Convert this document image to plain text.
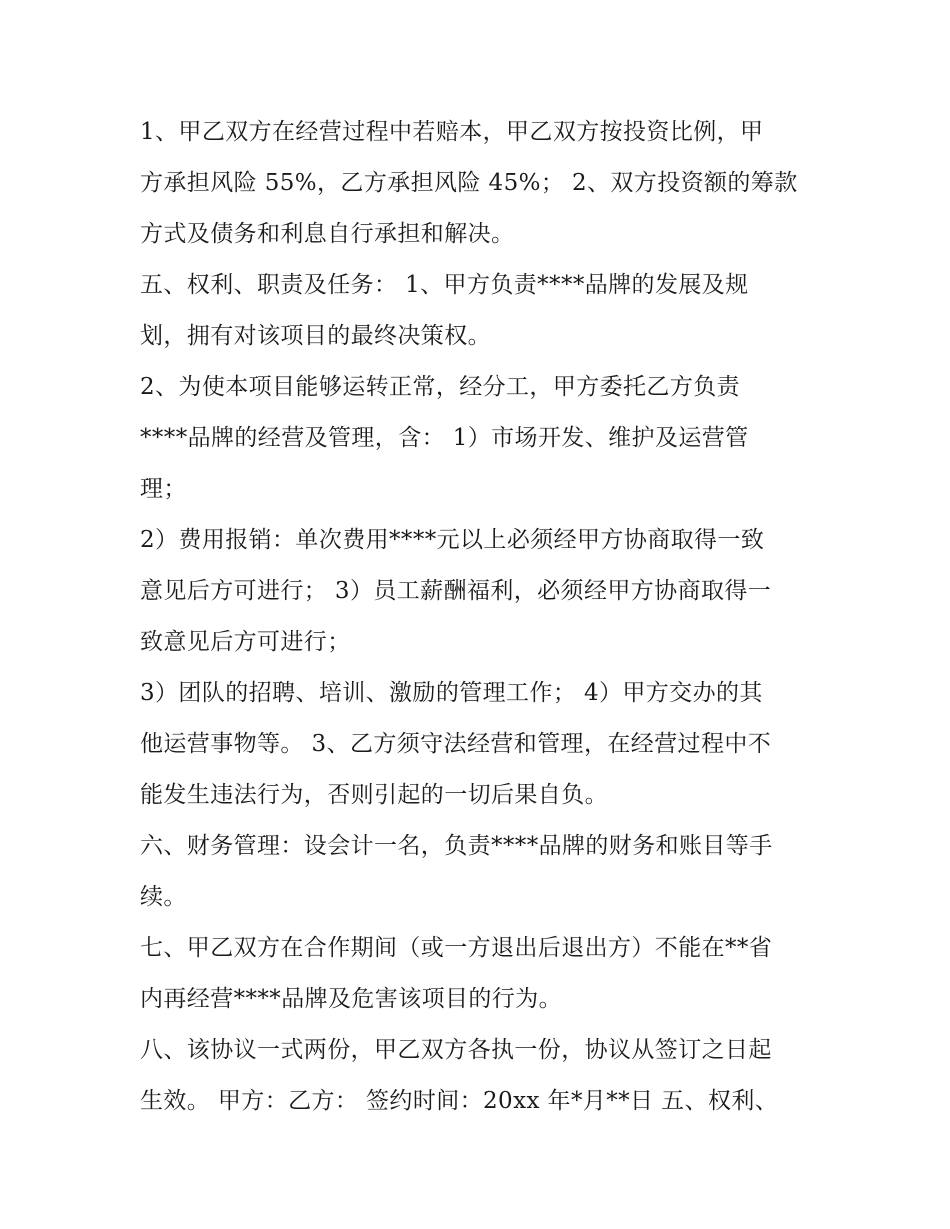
1、甲乙双方在经营过程中若赔本，甲乙双方按投资比例，甲
方承担风险 55%，乙方承担风险 45%； 2、双方投资额的筹款
方式及债务和利息自行承担和解决。
五、权利、职责及任务： 1、甲方负责****品牌的发展及规
划，拥有对该项目的最终决策权。
2、为使本项目能够运转正常，经分工，甲方委托乙方负责
****品牌的经营及管理，含： 1）市场开发、维护及运营管
理；
2）费用报销：单次费用****元以上必须经甲方协商取得一致
意见后方可进行； 3）员工薪酬福利，必须经甲方协商取得一
致意见后方可进行；
3）团队的招聘、培训、激励的管理工作； 4）甲方交办的其
他运营事物等。 3、乙方须守法经营和管理，在经营过程中不
能发生违法行为，否则引起的一切后果自负。
六、财务管理：设会计一名，负责****品牌的财务和账目等手
续。
七、甲乙双方在合作期间（或一方退出后退出方）不能在**省
内再经营****品牌及危害该项目的行为。
八、该协议一式两份，甲乙双方各执一份，协议从签订之日起
生效。 甲方：乙方： 签约时间：20xx 年*月**日 五、权利、
